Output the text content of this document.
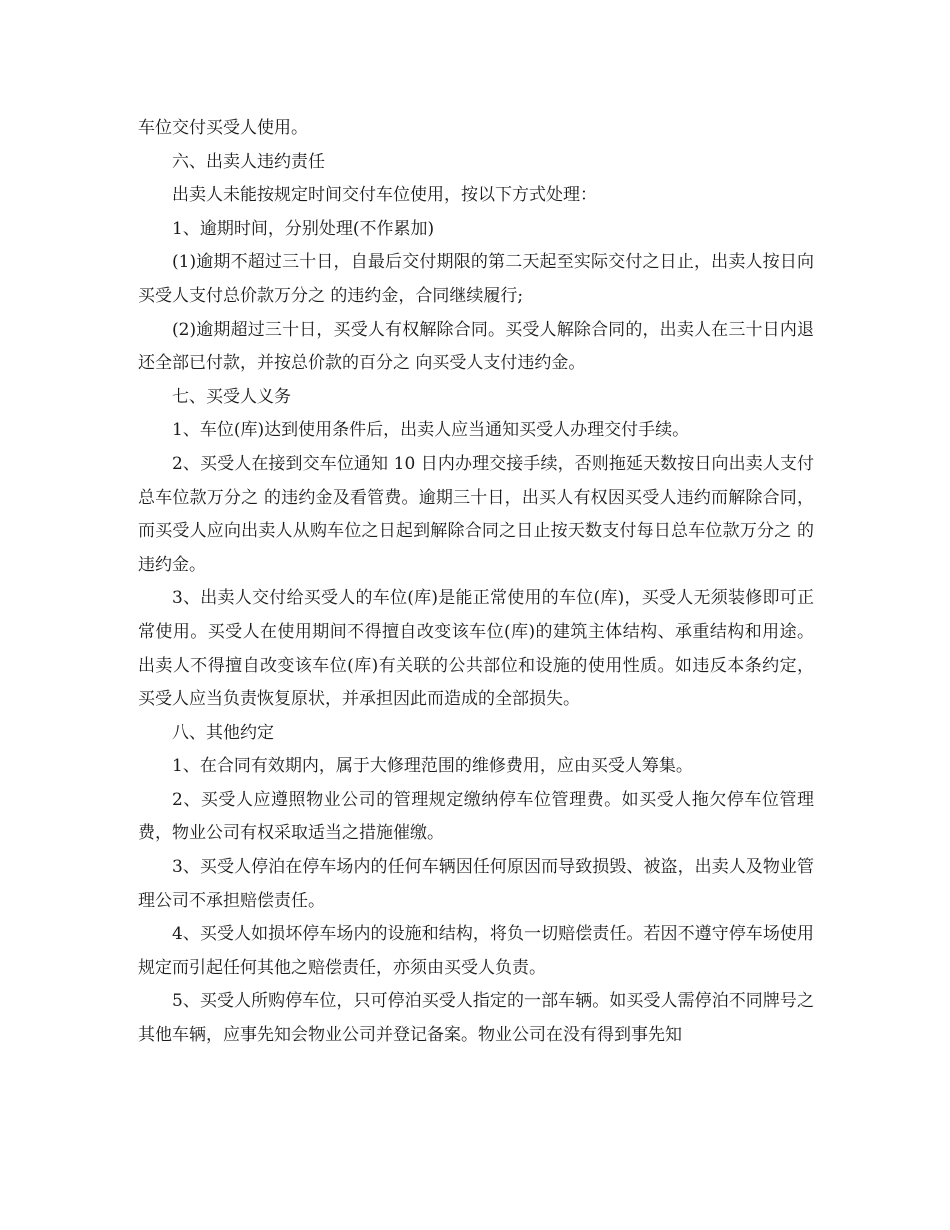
车位交付买受人使用。

六、出卖人违约责任

出卖人未能按规定时间交付车位使用，按以下方式处理：

1、逾期时间，分别处理(不作累加)

(1)逾期不超过三十日，自最后交付期限的第二天起至实际交付之日止，出卖人按日向买受人支付总价款万分之 的违约金，合同继续履行;

(2)逾期超过三十日，买受人有权解除合同。买受人解除合同的，出卖人在三十日内退还全部已付款，并按总价款的百分之 向买受人支付违约金。

七、买受人义务

1、车位(库)达到使用条件后，出卖人应当通知买受人办理交付手续。

2、买受人在接到交车位通知 10 日内办理交接手续，否则拖延天数按日向出卖人支付总车位款万分之 的违约金及看管费。逾期三十日，出买人有权因买受人违约而解除合同，而买受人应向出卖人从购车位之日起到解除合同之日止按天数支付每日总车位款万分之 的违约金。

3、出卖人交付给买受人的车位(库)是能正常使用的车位(库)，买受人无须装修即可正常使用。买受人在使用期间不得擅自改变该车位(库)的建筑主体结构、承重结构和用途。出卖人不得擅自改变该车位(库)有关联的公共部位和设施的使用性质。如违反本条约定，买受人应当负责恢复原状，并承担因此而造成的全部损失。

八、其他约定

1、在合同有效期内，属于大修理范围的维修费用，应由买受人筹集。

2、买受人应遵照物业公司的管理规定缴纳停车位管理费。如买受人拖欠停车位管理费，物业公司有权采取适当之措施催缴。

3、买受人停泊在停车场内的任何车辆因任何原因而导致损毁、被盗，出卖人及物业管理公司不承担赔偿责任。

4、买受人如损坏停车场内的设施和结构，将负一切赔偿责任。若因不遵守停车场使用规定而引起任何其他之赔偿责任，亦须由买受人负责。

5、买受人所购停车位，只可停泊买受人指定的一部车辆。如买受人需停泊不同牌号之其他车辆，应事先知会物业公司并登记备案。物业公司在没有得到事先知
